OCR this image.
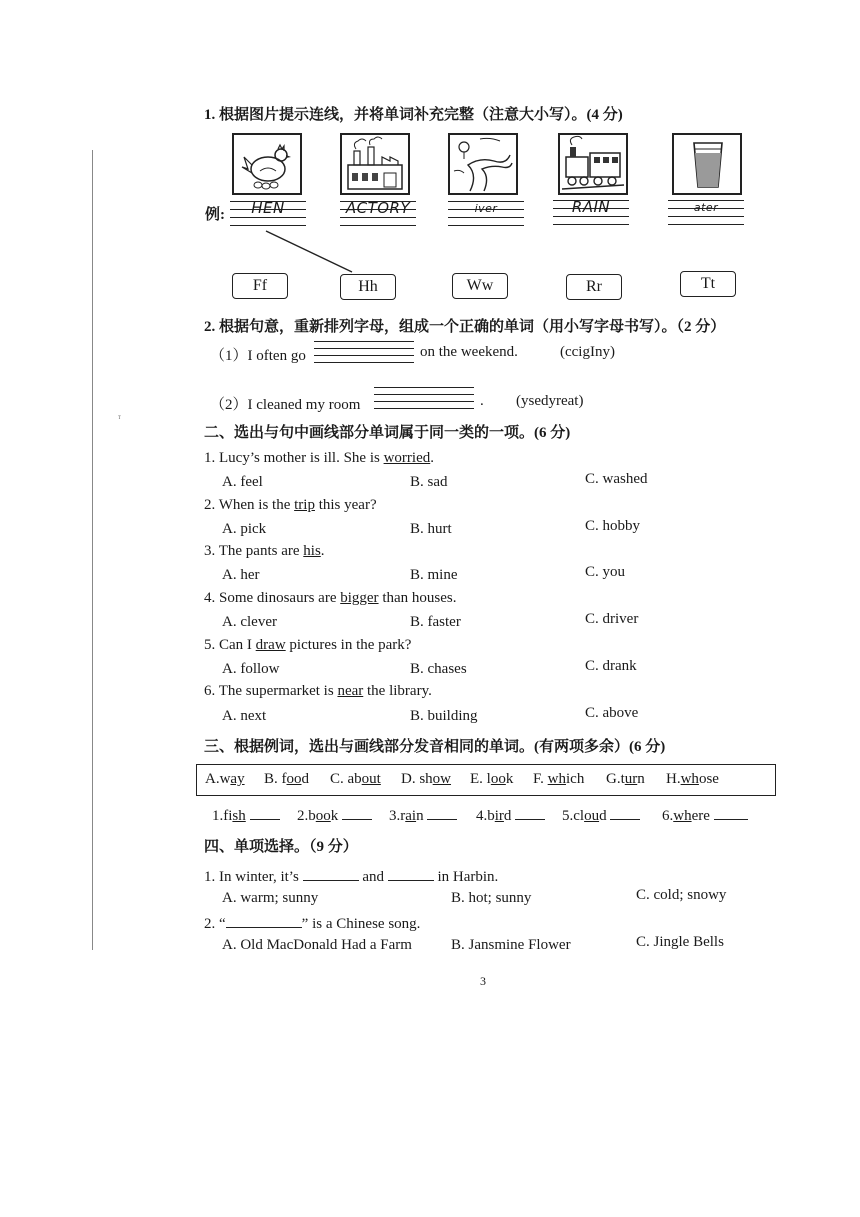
ᵀ
1. 根据图片提示连线，并将单词补充完整（注意大小写）。(4 分)
例:	HEN	ACTORY	iver	RAIN	ater
Ff	Hh	Ww	Rr	Tt
2. 根据句意，重新排列字母，组成一个正确的单词（用小写字母书写）。（2 分）
（1）I often go	on the weekend.	(ccigIny)
（2）I cleaned my room	. (ysedyreat)
二、选出与句中画线部分单词属于同一类的一项。(6 分)
1. Lucy’s mother is ill. She is worried.
A. feel	B. sad	C. washed
2. When is the trip this year?
A. pick	B. hurt	C. hobby
3. The pants are his.
A. her	B. mine	C. you
4. Some dinosaurs are bigger than houses.
A. clever	B. faster	C. driver
5. Can I draw pictures in the park?
A. follow	B. chases	C. drank
6. The supermarket is near the library.
A. next	B. building	C. above
三、根据例词，选出与画线部分发音相同的单词。(有两项多余）(6 分)
A.way B. food C. about D. show E. look F. which G.turn H.whose
1.fish	2.book	3.rain	4.bird	5.cloud	6.where
四、单项选择。（9 分）
1. In winter, it’s	and	in Harbin.
A. warm; sunny	B. hot; sunny	C. cold; snowy
2. “	” is a Chinese song.
A. Old MacDonald Had a Farm	B. Jansmine Flower	C. Jingle Bells
3
